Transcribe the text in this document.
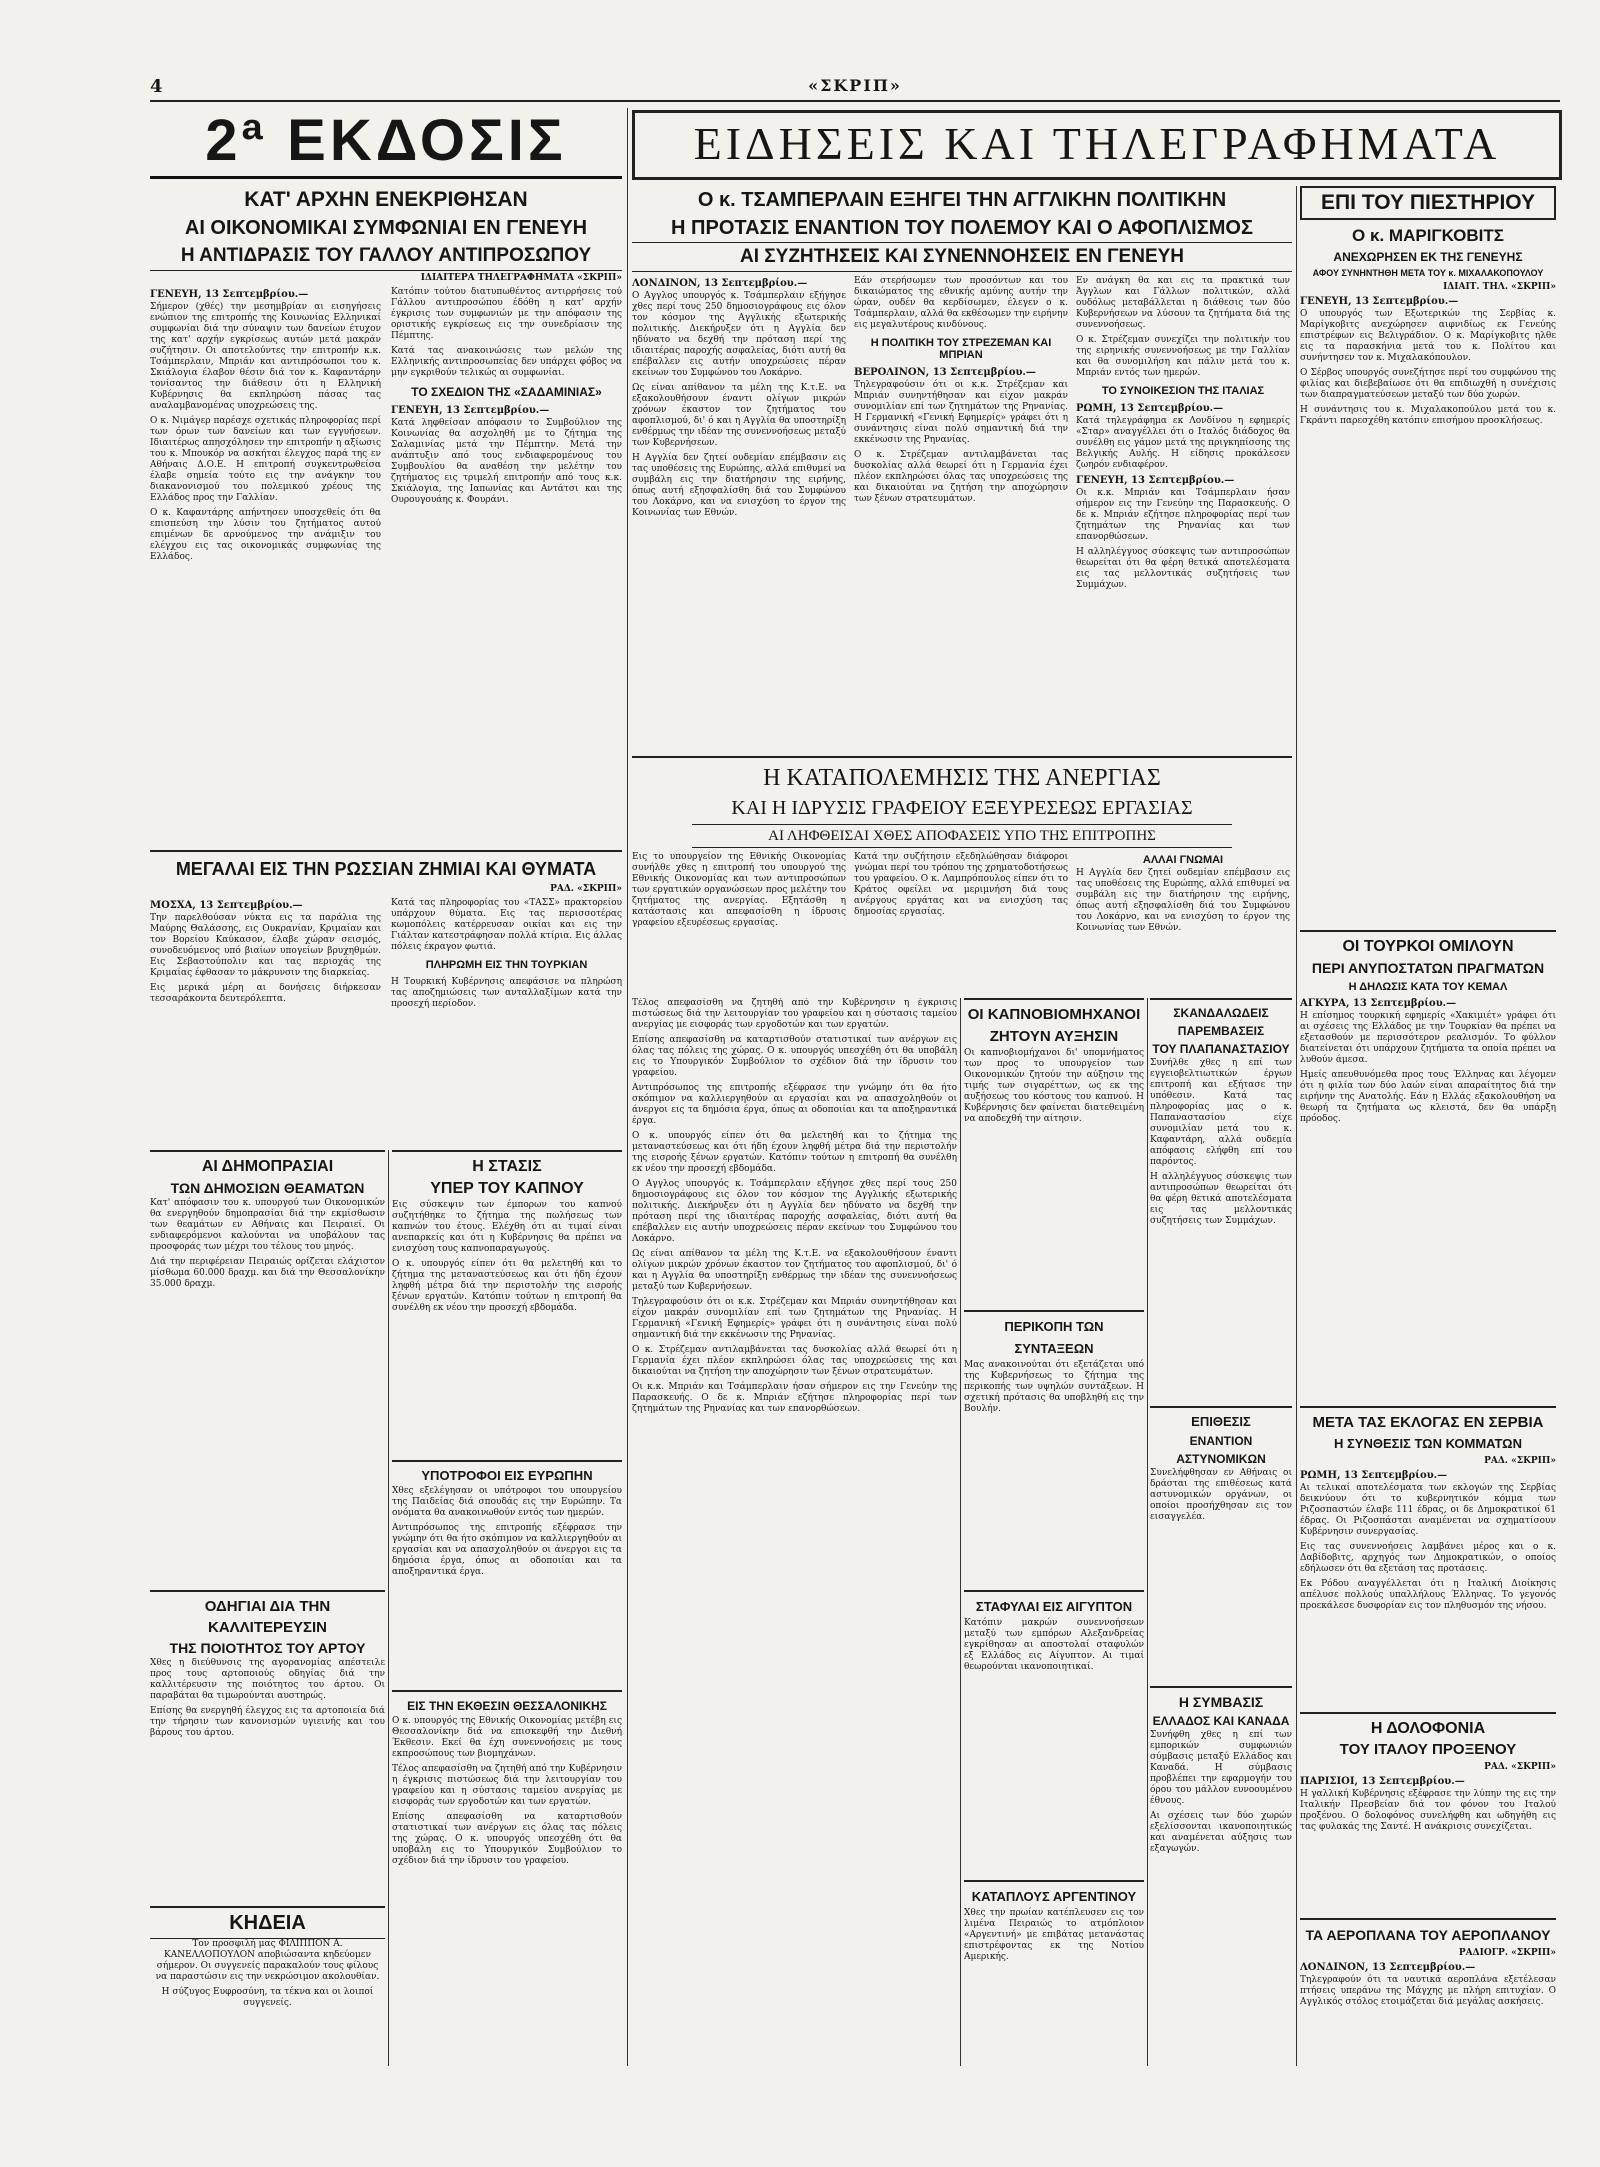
4	«ΣΚΡΙΠ»
2ª ΕΚΔΟΣΙΣ	ΕΙΔΗΣΕΙΣ ΚΑΙ ΤΗΛΕΓΡΑΦΗΜΑΤΑ
ΚΑΤ' ΑΡΧΗΝ ΕΝΕΚΡΙΘΗΣΑΝ
ΑΙ ΟΙΚΟΝΟΜΙΚΑΙ ΣΥΜΦΩΝΙΑΙ ΕΝ ΓΕΝΕΥΗ
Η ΑΝΤΙΔΡΑΣΙΣ ΤΟΥ ΓΑΛΛΟΥ ΑΝΤΙΠΡΟΣΩΠΟΥ
ΙΔΙΑΙΤΕΡΑ ΤΗΛΕΓΡΑΦΗΜΑΤΑ «ΣΚΡΙΠ»
ΓΕΝΕΥΗ, 13 Σεπτεμβρίου.—

Σήμερον (χθές) την μεσημβρίαν αι εισηγήσεις ενώπιον της επιτροπής της Κοινωνίας Ελληνικαί συμφωνίαι διά την σύναψιν των δανείων έτυχον της κατ' αρχήν εγκρίσεως αυτών μετά μακράν συζήτησιν. Οι αποτελούντες την επιτροπήν κ.κ. Τσάμπερλαιν, Μπριάν και αντιπρόσωποι του κ. Σκιάλογια έλαβον θέσιν διά τον κ. Καφαντάρην τονίσαντος την διάθεσιν ότι η Ελληνική Κυβέρνησις θα εκπληρώση πάσας τας αναλαμβανομένας υποχρεώσεις της.

Ο κ. Νιμάγερ παρέσχε σχετικάς πληροφορίας περί των όρων των δανείων και των εγγυήσεων. Ιδιαιτέρως απησχόλησεν την επιτροπήν η αξίωσις του κ. Μπουκόρ να ασκήται έλεγχος παρά της εν Αθήναις Δ.Ο.Ε. Η επιτροπή συγκεντρωθείσα έλαβε σημεία τούτο εις την ανάγκην του διακανονισμού του πολεμικού χρέους της Ελλάδος προς την Γαλλίαν.

Ο κ. Καφαντάρης απήντησεν υποσχεθείς ότι θα επισπεύση την λύσιν του ζητήματος αυτού επιμένων δε αρνούμενος την ανάμιξιν του ελέγχου εις τας οικονομικάς συμφωνίας της Ελλάδος.

Κατόπιν τούτου διατυπωθέντος αντιρρήσεις τού Γάλλου αντιπροσώπου έδόθη η κατ' αρχήν έγκρισις των συμφωνιών με την απόφασιν της οριστικής εγκρίσεως εις την συνεδρίασιν της Πέμπτης.

Κατά τας ανακοινώσεις των μελών της Ελληνικής αντιπροσωπείας δεν υπάρχει φόβος να μην εγκριθούν τελικώς αι συμφωνίαι.

ΤΟ ΣΧΕΔΙΟΝ ΤΗΣ «ΣΑΔΑΜΙΝΙΑΣ»
ΓΕΝΕΥΗ, 13 Σεπτεμβρίου.—

Κατά ληφθείσαν απόφασιν το Συμβούλιον της Κοινωνίας θα ασχοληθή με το ζήτημα της Σαλαμινίας μετά την Πέμπτην. Μετά την ανάπτυξιν από τους ενδιαφερομένους του Συμβουλίου θα αναθέση την μελέτην του ζητήματος εις τριμελή επιτροπήν από τους κ.κ. Σκιάλογια, της Ιαπωνίας και Αντάτσι και της Ουρουγουάης κ. Φουράνι.

ΜΕΓΑΛΑΙ ΕΙΣ ΤΗΝ ΡΩΣΣΙΑΝ ΖΗΜΙΑΙ ΚΑΙ ΘΥΜΑΤΑ
ΡΑΔ. «ΣΚΡΙΠ»
ΜΟΣΧΑ, 13 Σεπτεμβρίου.—

Την παρελθούσαν νύκτα εις τα παράλια της Μαύρης Θαλάσσης, εις Ουκρανίαν, Κριμαίαν και τον Βορείου Καύκασον, έλαβε χώραν σεισμός, συνοδευόμενος υπό βιαίων υπογείων βρυχηθμών. Εις Σεβαστούπολιν και τας περιοχάς της Κριμαίας έφθασαν το μάκρυνσιν της διαρκείας.

Εις μερικά μέρη αι δονήσεις διήρκεσαν τεσσαράκοντα δευτερόλεπτα.

Κατά τας πληροφορίας του «ΤΑΣΣ» πρακτορείου υπάρχουν θύματα. Εις τας περισσοτέρας κωμοπόλεις κατέρρευσαν οικίαι και εις την Γιάλταν κατεστράφησαν πολλά κτίρια. Εις άλλας πόλεις έκραγον φωτιά.

ΠΛΗΡΩΜΗ ΕΙΣ ΤΗΝ ΤΟΥΡΚΙΑΝ

Η Τουρκική Κυβέρνησις απεφάσισε να πληρώση τας αποζημιώσεις των ανταλλαξίμων κατά την προσεχή περίοδον.

ΑΙ ΔΗΜΟΠΡΑΣΙΑΙ
ΤΩΝ ΔΗΜΟΣΙΩΝ ΘΕΑΜΑΤΩΝ

Κατ' απόφασιν του κ. υπουργού των Οικονομικών θα ενεργηθούν δημοπρασίαι διά την εκμίσθωσιν των θεαμάτων εν Αθήναις και Πειραιεί. Οι ενδιαφερόμενοι καλούνται να υποβάλουν τας προσφοράς των μέχρι του τέλους του μηνός.

Διά την περιφέρειαν Πειραιώς ορίζεται ελάχιστον μίσθωμα 60.000 δραχμ. και διά την Θεσσαλονίκην 35.000 δραχμ.

ΟΔΗΓΙΑΙ ΔΙΑ ΤΗΝ ΚΑΛΛΙΤΕΡΕΥΣΙΝ
ΤΗΣ ΠΟΙΟΤΗΤΟΣ ΤΟΥ ΑΡΤΟΥ

Χθες η διεύθυνσις της αγορανομίας απέστειλε προς τους αρτοποιούς οδηγίας διά την καλλιτέρευσιν της ποιότητος του άρτου. Οι παραβάται θα τιμωρούνται αυστηρώς.

Επίσης θα ενεργηθή έλεγχος εις τα αρτοποιεία διά την τήρησιν των κανονισμών υγιεινής και του βάρους του άρτου.

ΚΗΔΕΙΑ

Τον προσφιλή μας ΦΙΛΙΠΠΟΝ Α. ΚΑΝΕΛΛΟΠΟΥΛΟΝ αποβιώσαντα κηδεύομεν σήμερον. Οι συγγενείς παρακαλούν τους φίλους να παραστώσιν εις την νεκρώσιμον ακολουθίαν.

Η σύζυγος Ευφροσύνη, τα τέκνα και οι λοιποί συγγενείς.

Η ΣΤΑΣΙΣ
ΥΠΕΡ ΤΟΥ ΚΑΠΝΟΥ

Εις σύσκεψιν των έμπορων του καπνού συζητήθηκε το ζήτημα της πωλήσεως των καπνών του έτους. Ελέχθη ότι αι τιμαί είναι ανεπαρκείς και ότι η Κυβέρνησις θα πρέπει να ενισχύση τους καπνοπαραγωγούς.

Ο κ. υπουργός είπεν ότι θα μελετηθή και το ζήτημα της μεταναστεύσεως και ότι ήδη έχουν ληφθή μέτρα διά την περιστολήν της εισροής ξένων εργατών. Κατόπιν τούτων η επιτροπή θα συνέλθη εκ νέου την προσεχή εβδομάδα.

ΥΠΟΤΡΟΦΟΙ ΕΙΣ ΕΥΡΩΠΗΝ

Χθες εξελέγησαν οι υπότροφοι του υπουργείου της Παιδείας διά σπουδάς εις την Ευρώπην. Τα ονόματα θα ανακοινωθούν εντός των ημερών.

Αντιπρόσωπος της επιτροπής εξέφρασε την γνώμην ότι θα ήτο σκόπιμον να καλλιεργηθούν αι εργασίαι και να απασχοληθούν οι άνεργοι εις τα δημόσια έργα, όπως αι οδοποιίαι και τα αποξηραντικά έργα.

ΕΙΣ ΤΗΝ ΕΚΘΕΣΙΝ ΘΕΣΣΑΛΟΝΙΚΗΣ

Ο κ. υπουργός της Εθνικής Οικονομίας μετέβη εις Θεσσαλονίκην διά να επισκεφθή την Διεθνή Έκθεσιν. Εκεί θα έχη συνεννοήσεις με τους εκπροσώπους των βιομηχάνων.

Τέλος απεφασίσθη να ζητηθή από την Κυβέρνησιν η έγκρισις πιστώσεως διά την λειτουργίαν του γραφείου και η σύστασις ταμείου ανεργίας με εισφοράς των εργοδοτών και των εργατών.

Επίσης απεφασίσθη να καταρτισθούν στατιστικαί των ανέργων εις όλας τας πόλεις της χώρας. Ο κ. υπουργός υπεσχέθη ότι θα υποβάλη εις το Υπουργικόν Συμβούλιον το σχέδιον διά την ίδρυσιν του γραφείου.

Ο κ. ΤΣΑΜΠΕΡΛΑΙΝ ΕΞΗΓΕΙ ΤΗΝ ΑΓΓΛΙΚΗΝ ΠΟΛΙΤΙΚΗΝ
Η ΠΡΟΤΑΣΙΣ ΕΝΑΝΤΙΟΝ ΤΟΥ ΠΟΛΕΜΟΥ ΚΑΙ Ο ΑΦΟΠΛΙΣΜΟΣ
ΑΙ ΣΥΖΗΤΗΣΕΙΣ ΚΑΙ ΣΥΝΕΝΝΟΗΣΕΙΣ ΕΝ ΓΕΝΕΥΗ
ΛΟΝΔΙΝΟΝ, 13 Σεπτεμβρίου.—

Ο Αγγλος υπουργός κ. Τσάμπερλαιν εξήγησε χθες περί τους 250 δημοσιογράφους εις όλον τον κόσμον της Αγγλικής εξωτερικής πολιτικής. Διεκήρυξεν ότι η Αγγλία δεν ηδύνατο να δεχθή την πρόταση περί της ιδιαιτέρας παροχής ασφαλείας, διότι αυτή θα επέβαλλεν εις αυτήν υποχρεώσεις πέραν εκείνων του Συμφώνου του Λοκάρνο.

Ως είναι απίθανον τα μέλη της Κ.τ.Ε. να εξακολουθήσουν έναντι ολίγων μικρών χρόνων έκαστον τον ζητήματος του αφοπλισμού, δι' ό και η Αγγλία θα υποστηρίξη ενθέρμως την ιδέαν της συνεννοήσεως μεταξύ των Κυβερνήσεων.

Η Αγγλία δεν ζητεί ουδεμίαν επέμβασιν εις τας υποθέσεις της Ευρώπης, αλλά επιθυμεί να συμβάλη εις την διατήρησιν της ειρήνης, όπως αυτή εξησφαλίσθη διά του Συμφώνου του Λοκάρνο, και να ενισχύση το έργον της Κοινωνίας των Εθνών.

Εάν στερήσωμεν των προσόντων και του δικαιώματος της εθνικής αμύνης αυτήν την ώραν, ουδέν θα κερδίσωμεν, έλεγεν ο κ. Τσάμπερλαιν, αλλά θα εκθέσωμεν την ειρήνην εις μεγαλυτέρους κινδύνους.

Η ΠΟΛΙΤΙΚΗ ΤΟΥ ΣΤΡΕΖΕΜΑΝ ΚΑΙ ΜΠΡΙΑΝ
ΒΕΡΟΛΙΝΟΝ, 13 Σεπτεμβρίου.—

Τηλεγραφούσιν ότι οι κ.κ. Στρέζεμαν και Μπριάν συνηντήθησαν και είχον μακράν συνομιλίαν επί των ζητημάτων της Ρηνανίας. Η Γερμανική «Γενική Εφημερίς» γράφει ότι η συνάντησις είναι πολύ σημαντική διά την εκκένωσιν της Ρηνανίας.

Ο κ. Στρέζεμαν αντιλαμβάνεται τας δυσκολίας αλλά θεωρεί ότι η Γερμανία έχει πλέον εκπληρώσει όλας τας υποχρεώσεις της και δικαιούται να ζητήση την αποχώρησιν των ξένων στρατευμάτων.

Εν ανάγκη θα και εις τα πρακτικά των Άγγλων και Γάλλων πολιτικών, αλλά ουδόλως μεταβάλλεται η διάθεσις των δύο Κυβερνήσεων να λύσουν τα ζητήματα διά της συνεννοήσεως.

Ο κ. Στρέζεμαν συνεχίζει την πολιτικήν του της ειρηνικής συνεννοήσεως με την Γαλλίαν και θα συνομιλήση και πάλιν μετά του κ. Μπριάν εντός των ημερών.

ΤΟ ΣΥΝΟΙΚΕΣΙΟΝ ΤΗΣ ΙΤΑΛΙΑΣ
ΡΩΜΗ, 13 Σεπτεμβρίου.—

Κατά τηλεγράφημα εκ Λονδίνου η εφημερίς «Σταρ» αναγγέλλει ότι ο Ιταλός διάδοχος θα συνέλθη εις γάμον μετά της πριγκηπίσσης της Βελγικής Αυλής. Η είδησις προκάλεσεν ζωηρόν ενδιαφέρον.

ΓΕΝΕΥΗ, 13 Σεπτεμβρίου.—

Οι κ.κ. Μπριάν και Τσάμπερλαιν ήσαν σήμερον εις την Γενεύην της Παρασκευής. Ο δε κ. Μπριάν εζήτησε πληροφορίας περί των ζητημάτων της Ρηνανίας και των επανορθώσεων.

Η αλληλέγγυος σύσκεψις των αντιπροσώπων θεωρείται ότι θα φέρη θετικά αποτελέσματα εις τας μελλοντικάς συζητήσεις των Συμμάχων.

Η ΚΑΤΑΠΟΛΕΜΗΣΙΣ ΤΗΣ ΑΝΕΡΓΙΑΣ
ΚΑΙ Η ΙΔΡΥΣΙΣ ΓΡΑΦΕΙΟΥ ΕΞΕΥΡΕΣΕΩΣ ΕΡΓΑΣΙΑΣ
ΑΙ ΛΗΦΘΕΙΣΑΙ ΧΘΕΣ ΑΠΟΦΑΣΕΙΣ ΥΠΟ ΤΗΣ ΕΠΙΤΡΟΠΗΣ

Εις το υπουργείον της Εθνικής Οικονομίας συνήλθε χθες η επιτροπή του υπουργού της Εθνικής Οικονομίας και των αντιπροσώπων των εργατικών οργανώσεων προς μελέτην του ζητήματος της ανεργίας. Εξητάσθη η κατάστασις και απεφασίσθη η ίδρυσις γραφείου εξευρέσεως εργασίας.

Κατά την συζήτησιν εξεδηλώθησαν διάφοροι γνώμαι περί του τρόπου της χρηματοδοτήσεως του γραφείου. Ο κ. Λαμπρόπουλος είπεν ότι το Κράτος οφείλει να μεριμνήση διά τους ανέργους εργάτας και να ενισχύση τας δημοσίας εργασίας.

ΑΛΛΑΙ ΓΝΩΜΑΙ

Η Αγγλία δεν ζητεί ουδεμίαν επέμβασιν εις τας υποθέσεις της Ευρώπης, αλλά επιθυμεί να συμβάλη εις την διατήρησιν της ειρήνης, όπως αυτή εξησφαλίσθη διά του Συμφώνου του Λοκάρνο, και να ενισχύση το έργον της Κοινωνίας των Εθνών.

Τέλος απεφασίσθη να ζητηθή από την Κυβέρνησιν η έγκρισις πιστώσεως διά την λειτουργίαν του γραφείου και η σύστασις ταμείου ανεργίας με εισφοράς των εργοδοτών και των εργατών.

Επίσης απεφασίσθη να καταρτισθούν στατιστικαί των ανέργων εις όλας τας πόλεις της χώρας. Ο κ. υπουργός υπεσχέθη ότι θα υποβάλη εις το Υπουργικόν Συμβούλιον το σχέδιον διά την ίδρυσιν του γραφείου.

Αντιπρόσωπος της επιτροπής εξέφρασε την γνώμην ότι θα ήτο σκόπιμον να καλλιεργηθούν αι εργασίαι και να απασχοληθούν οι άνεργοι εις τα δημόσια έργα, όπως αι οδοποιίαι και τα αποξηραντικά έργα.

Ο κ. υπουργός είπεν ότι θα μελετηθή και το ζήτημα της μεταναστεύσεως και ότι ήδη έχουν ληφθή μέτρα διά την περιστολήν της εισροής ξένων εργατών. Κατόπιν τούτων η επιτροπή θα συνέλθη εκ νέου την προσεχή εβδομάδα.

Ο Αγγλος υπουργός κ. Τσάμπερλαιν εξήγησε χθες περί τους 250 δημοσιογράφους εις όλον τον κόσμον της Αγγλικής εξωτερικής πολιτικής. Διεκήρυξεν ότι η Αγγλία δεν ηδύνατο να δεχθή την πρόταση περί της ιδιαιτέρας παροχής ασφαλείας, διότι αυτή θα επέβαλλεν εις αυτήν υποχρεώσεις πέραν εκείνων του Συμφώνου του Λοκάρνο.

Ως είναι απίθανον τα μέλη της Κ.τ.Ε. να εξακολουθήσουν έναντι ολίγων μικρών χρόνων έκαστον τον ζητήματος του αφοπλισμού, δι' ό και η Αγγλία θα υποστηρίξη ενθέρμως την ιδέαν της συνεννοήσεως μεταξύ των Κυβερνήσεων.

Τηλεγραφούσιν ότι οι κ.κ. Στρέζεμαν και Μπριάν συνηντήθησαν και είχον μακράν συνομιλίαν επί των ζητημάτων της Ρηνανίας. Η Γερμανική «Γενική Εφημερίς» γράφει ότι η συνάντησις είναι πολύ σημαντική διά την εκκένωσιν της Ρηνανίας.

Ο κ. Στρέζεμαν αντιλαμβάνεται τας δυσκολίας αλλά θεωρεί ότι η Γερμανία έχει πλέον εκπληρώσει όλας τας υποχρεώσεις της και δικαιούται να ζητήση την αποχώρησιν των ξένων στρατευμάτων.

Οι κ.κ. Μπριάν και Τσάμπερλαιν ήσαν σήμερον εις την Γενεύην της Παρασκευής. Ο δε κ. Μπριάν εζήτησε πληροφορίας περί των ζητημάτων της Ρηνανίας και των επανορθώσεων.

ΟΙ ΚΑΠΝΟΒΙΟΜΗΧΑΝΟΙ
ΖΗΤΟΥΝ ΑΥΞΗΣΙΝ

Οι καπνοβιομήχανοι δι' υπομνήματος των προς το υπουργείον των Οικονομικών ζητούν την αύξησιν της τιμής των σιγαρέττων, ως εκ της αυξήσεως του κόστους του καπνού. Η Κυβέρνησις δεν φαίνεται διατεθειμένη να αποδεχθή την αίτησιν.

ΠΕΡΙΚΟΠΗ ΤΩΝ ΣΥΝΤΑΞΕΩΝ

Μας ανακοινούται ότι εξετάζεται υπό της Κυβερνήσεως το ζήτημα της περικοπής των υψηλών συντάξεων. Η σχετική πρότασις θα υποβληθή εις την Βουλήν.

ΣΤΑΦΥΛΑΙ ΕΙΣ ΑΙΓΥΠΤΟΝ

Κατόπιν μακρών συνεννοήσεων μεταξύ των εμπόρων Αλεξανδρείας εγκρίθησαν αι αποστολαί σταφυλών εξ Ελλάδος εις Αίγυπτον. Αι τιμαί θεωρούνται ικανοποιητικαί.

ΚΑΤΑΠΛΟΥΣ ΑΡΓΕΝΤΙΝΟΥ

Χθες την πρωίαν κατέπλευσεν εις τον λιμένα Πειραιώς το ατμόπλοιον «Αργεντινή» με επιβάτας μετανάστας επιστρέφοντας εκ της Νοτίου Αμερικής.

ΣΚΑΝΔΑΛΩΔΕΙΣ ΠΑΡΕΜΒΑΣΕΙΣ
ΤΟΥ ΠΛΑΠΑΝΑΣΤΑΣΙΟΥ

Συνήλθε χθες η επί των εγγειοβελτιωτικών έργων επιτροπή και εξήτασε την υπόθεσιν. Κατά τας πληροφορίας μας ο κ. Παπαναστασίου είχε συνομιλίαν μετά του κ. Καφαντάρη, αλλά ουδεμία απόφασις ελήφθη επί του παρόντος.

Η αλληλέγγυος σύσκεψις των αντιπροσώπων θεωρείται ότι θα φέρη θετικά αποτελέσματα εις τας μελλοντικάς συζητήσεις των Συμμάχων.

ΕΠΙΘΕΣΙΣ
ΕΝΑΝΤΙΟΝ ΑΣΤΥΝΟΜΙΚΩΝ

Συνελήφθησαν εν Αθήναις οι δράσται της επιθέσεως κατά αστυνομικών οργάνων, οι οποίοι προσήχθησαν εις τον εισαγγελέα.

Η ΣΥΜΒΑΣΙΣ
ΕΛΛΑΔΟΣ ΚΑΙ ΚΑΝΑΔΑ

Συνήφθη χθες η επί των εμπορικών συμφωνιών σύμβασις μεταξύ Ελλάδος και Καναδά. Η σύμβασις προβλέπει την εφαρμογήν του όρου του μάλλον ευνοουμένου έθνους.

Αι σχέσεις των δύο χωρών εξελίσσονται ικανοποιητικώς και αναμένεται αύξησις των εξαγωγών.

ΕΠΙ ΤΟΥ ΠΙΕΣΤΗΡΙΟΥ
Ο κ. ΜΑΡΙΓΚΟΒΙΤΣ
ΑΝΕΧΩΡΗΣΕΝ ΕΚ ΤΗΣ ΓΕΝΕΥΗΣ
ΑΦΟΥ ΣΥΝΗΝΤΗΘΗ ΜΕΤΑ ΤΟΥ κ. ΜΙΧΑΛΑΚΟΠΟΥΛΟΥ
ΙΔΙΑΙΤ. ΤΗΛ. «ΣΚΡΙΠ»
ΓΕΝΕΥΗ, 13 Σεπτεμβρίου.—

Ο υπουργός των Εξωτερικών της Σερβίας κ. Μαρίγκοβιτς ανεχώρησεν αιφνιδίως εκ Γενεύης επιστρέφων εις Βελιγράδιον. Ο κ. Μαρίγκοβιτς ηλθε εις τα παρασκήνια μετά του κ. Πολίτου και συνήντησεν τον κ. Μιχαλακόπουλον.

Ο Σέρβος υπουργός συνεζήτησε περί του συμφώνου της φιλίας και διεβεβαίωσε ότι θα επιδιωχθή η συνέχισις των διαπραγματεύσεων μεταξύ των δύο χωρών.

Η συνάντησις του κ. Μιχαλακοπούλου μετά του κ. Γκράντι παρεσχέθη κατόπιν επισήμου προσκλήσεως.

ΟΙ ΤΟΥΡΚΟΙ ΟΜΙΛΟΥΝ
ΠΕΡΙ ΑΝΥΠΟΣΤΑΤΩΝ ΠΡΑΓΜΑΤΩΝ
Η ΔΗΛΩΣΙΣ ΚΑΤΑ ΤΟΥ ΚΕΜΑΛ
ΑΓΚΥΡΑ, 13 Σεπτεμβρίου.—

Η επίσημος τουρκική εφημερίς «Χακιμιέτ» γράφει ότι αι σχέσεις της Ελλάδος με την Τουρκίαν θα πρέπει να εξετασθούν με περισσότερον ρεαλισμόν. Το φύλλον διατείνεται ότι υπάρχουν ζητήματα τα οποία πρέπει να λυθούν άμεσα.

Ημείς απευθυνόμεθα προς τους Έλληνας και λέγομεν ότι η φιλία των δύο λαών είναι απαραίτητος διά την ειρήνην της Ανατολής. Εάν η Ελλάς εξακολουθήση να θεωρή τα ζητήματα ως κλειστά, δεν θα υπάρξη πρόοδος.

ΜΕΤΑ ΤΑΣ ΕΚΛΟΓΑΣ ΕΝ ΣΕΡΒΙΑ
Η ΣΥΝΘΕΣΙΣ ΤΩΝ ΚΟΜΜΑΤΩΝ
ΡΑΔ. «ΣΚΡΙΠ»
ΡΩΜΗ, 13 Σεπτεμβρίου.—

Αι τελικαί αποτελέσματα των εκλογών της Σερβίας δεικνύουν ότι το κυβερνητικόν κόμμα των Ριζοσπαστών έλαβε 111 έδρας, οι δε Δημοκρατικοί 61 έδρας. Οι Ριζοσπάσται αναμένεται να σχηματίσουν Κυβέρνησιν συνεργασίας.

Εις τας συνεννοήσεις λαμβάνει μέρος και ο κ. Δαβίδοβιτς, αρχηγός των Δημοκρατικών, ο οποίος εδήλωσεν ότι θα εξετάση τας προτάσεις.

Εκ Ρόδου αναγγέλλεται ότι η Ιταλική Διοίκησις απέλυσε πολλούς υπαλλήλους Έλληνας. Το γεγονός προεκάλεσε δυσφορίαν εις τον πληθυσμόν της νήσου.

Η ΔΟΛΟΦΟΝΙΑ
ΤΟΥ ΙΤΑΛΟΥ ΠΡΟΞΕΝΟΥ
ΡΑΔ. «ΣΚΡΙΠ»
ΠΑΡΙΣΙΟΙ, 13 Σεπτεμβρίου.—

Η γαλλική Κυβέρνησις εξέφρασε την λύπην της εις την Ιταλικήν Πρεσβείαν διά τον φόνον του Ιταλού προξένου. Ο δολοφόνος συνελήφθη και ωδηγήθη εις τας φυλακάς της Σαντέ. Η ανάκρισις συνεχίζεται.

ΤΑ ΑΕΡΟΠΛΑΝΑ ΤΟΥ ΑΕΡΟΠΛΑΝΟΥ
ΡΑΔΙΟΓΡ. «ΣΚΡΙΠ»
ΛΟΝΔΙΝΟΝ, 13 Σεπτεμβρίου.—

Τηλεγραφούν ότι τα ναυτικά αεροπλάνα εξετέλεσαν πτήσεις υπεράνω της Μάγχης με πλήρη επιτυχίαν. Ο Αγγλικός στόλος ετοιμάζεται διά μεγάλας ασκήσεις.
